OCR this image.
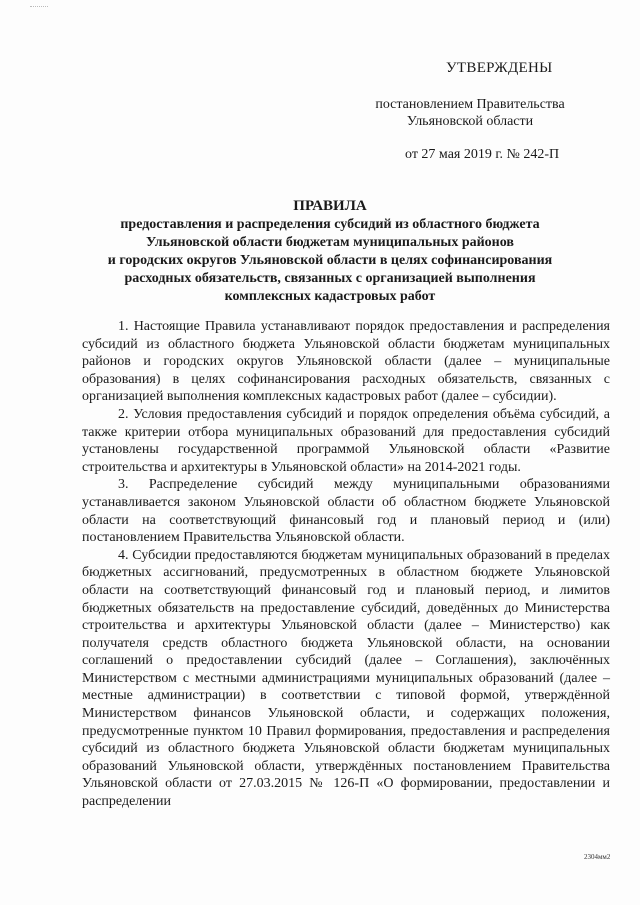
УТВЕРЖДЕНЫ
постановлением Правительства
Ульяновской области
от 27 мая 2019 г. № 242-П
ПРАВИЛА
предоставления и распределения субсидий из областного бюджета
Ульяновской области бюджетам муниципальных районов
и городских округов Ульяновской области в целях софинансирования
расходных обязательств, связанных с организацией выполнения
комплексных кадастровых работ

1. Настоящие Правила устанавливают порядок предоставления и распределения субсидий из областного бюджета Ульяновской области бюджетам муниципальных районов и городских округов Ульяновской области (далее – муниципальные образования) в целях софинансирования расходных обязательств, связанных с организацией выполнения комплексных кадастровых работ (далее – субсидии).

2. Условия предоставления субсидий и порядок определения объёма субсидий, а также критерии отбора муниципальных образований для предоставления субсидий установлены государственной программой Ульяновской области «Развитие строительства и архитектуры в Ульяновской области» на 2014-2021 годы.

3. Распределение субсидий между муниципальными образованиями устанавливается законом Ульяновской области об областном бюджете Ульяновской области на соответствующий финансовый год и плановый период и (или) постановлением Правительства Ульяновской области.

4. Субсидии предоставляются бюджетам муниципальных образований в пределах бюджетных ассигнований, предусмотренных в областном бюджете Ульяновской области на соответствующий финансовый год и плановый период, и лимитов бюджетных обязательств на предоставление субсидий, доведённых до Министерства строительства и архитектуры Ульяновской области (далее – Министерство) как получателя средств областного бюджета Ульяновской области, на основании соглашений о предоставлении субсидий (далее – Соглашения), заключённых Министерством с местными администрациями муниципальных образований (далее – местные администрации) в соответствии с типовой формой, утверждённой Министерством финансов Ульяновской области, и содержащих положения, предусмотренные пунктом 10 Правил формирования, предоставления и распределения субсидий из областного бюджета Ульяновской области бюджетам муниципальных образований Ульяновской области, утверждённых постановлением Правительства Ульяновской области от 27.03.2015 № 126-П «О формировании, предоставлении и распределении

2304мм2
